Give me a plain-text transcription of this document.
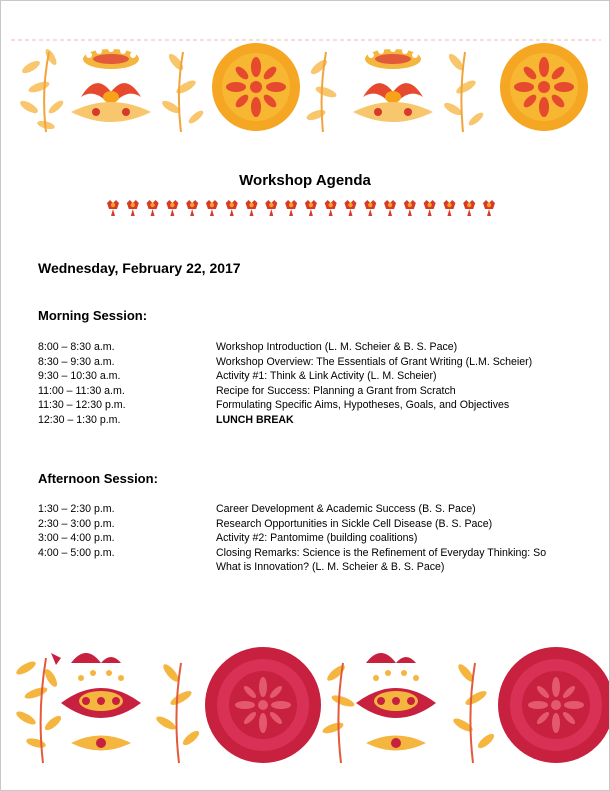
Workshop Agenda
Wednesday, February 22, 2017
Morning Session:
8:00 – 8:30 a.m.	Workshop Introduction (L. M. Scheier & B. S. Pace)
8:30 – 9:30 a.m.	Workshop Overview: The Essentials of Grant Writing (L.M. Scheier)
9:30 – 10:30 a.m.	Activity #1: Think & Link Activity (L. M. Scheier)
11:00 – 11:30 a.m.	Recipe for Success: Planning a Grant from Scratch
11:30 – 12:30 p.m.	Formulating Specific Aims, Hypotheses, Goals, and Objectives
12:30 – 1:30 p.m.	LUNCH BREAK
Afternoon Session:
1:30 – 2:30 p.m.	Career Development & Academic Success (B. S. Pace)
2:30 – 3:00 p.m.	Research Opportunities in Sickle Cell Disease (B. S. Pace)
3:00 – 4:00 p.m.	Activity #2: Pantomime (building coalitions)
4:00 – 5:00 p.m.	Closing Remarks: Science is the Refinement of Everyday Thinking: So
What is Innovation? (L. M. Scheier & B. S. Pace)
